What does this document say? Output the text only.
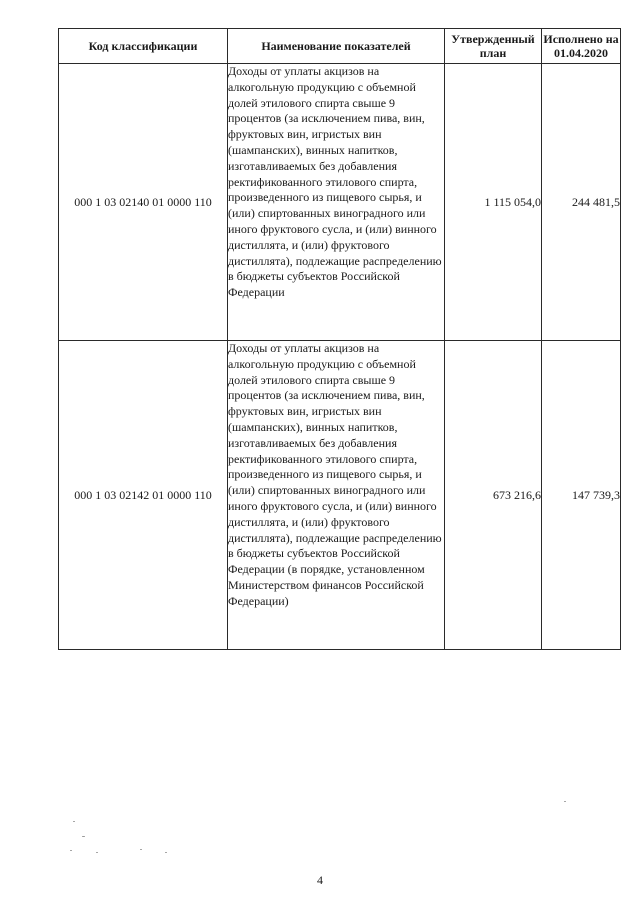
Код классификации	Наименование показателей	Утвержденный план	Исполнено на 01.04.2020
000 1 03 02140 01 0000 110	Доходы от уплаты акцизов на алкогольную продукцию с объемной долей этилового спирта свыше 9 процентов (за исключением пива, вин, фруктовых вин, игристых вин (шампанских), винных напитков, изготавливаемых без добавления ректификованного этилового спирта, произведенного из пищевого сырья, и (или) спиртованных виноградного или иного фруктового сусла, и (или) винного дистиллята, и (или) фруктового дистиллята), подлежащие распределению в бюджеты субъектов Российской Федерации	1 115 054,0	244 481,5
000 1 03 02142 01 0000 110	Доходы от уплаты акцизов на алкогольную продукцию с объемной долей этилового спирта свыше 9 процентов (за исключением пива, вин, фруктовых вин, игристых вин (шампанских), винных напитков, изготавливаемых без добавления ректификованного этилового спирта, произведенного из пищевого сырья, и (или) спиртованных виноградного или иного фруктового сусла, и (или) винного дистиллята, и (или) фруктового дистиллята), подлежащие распределению в бюджеты субъектов Российской Федерации (в порядке, установленном Министерством финансов Российской Федерации)	673 216,6	147 739,3
4
